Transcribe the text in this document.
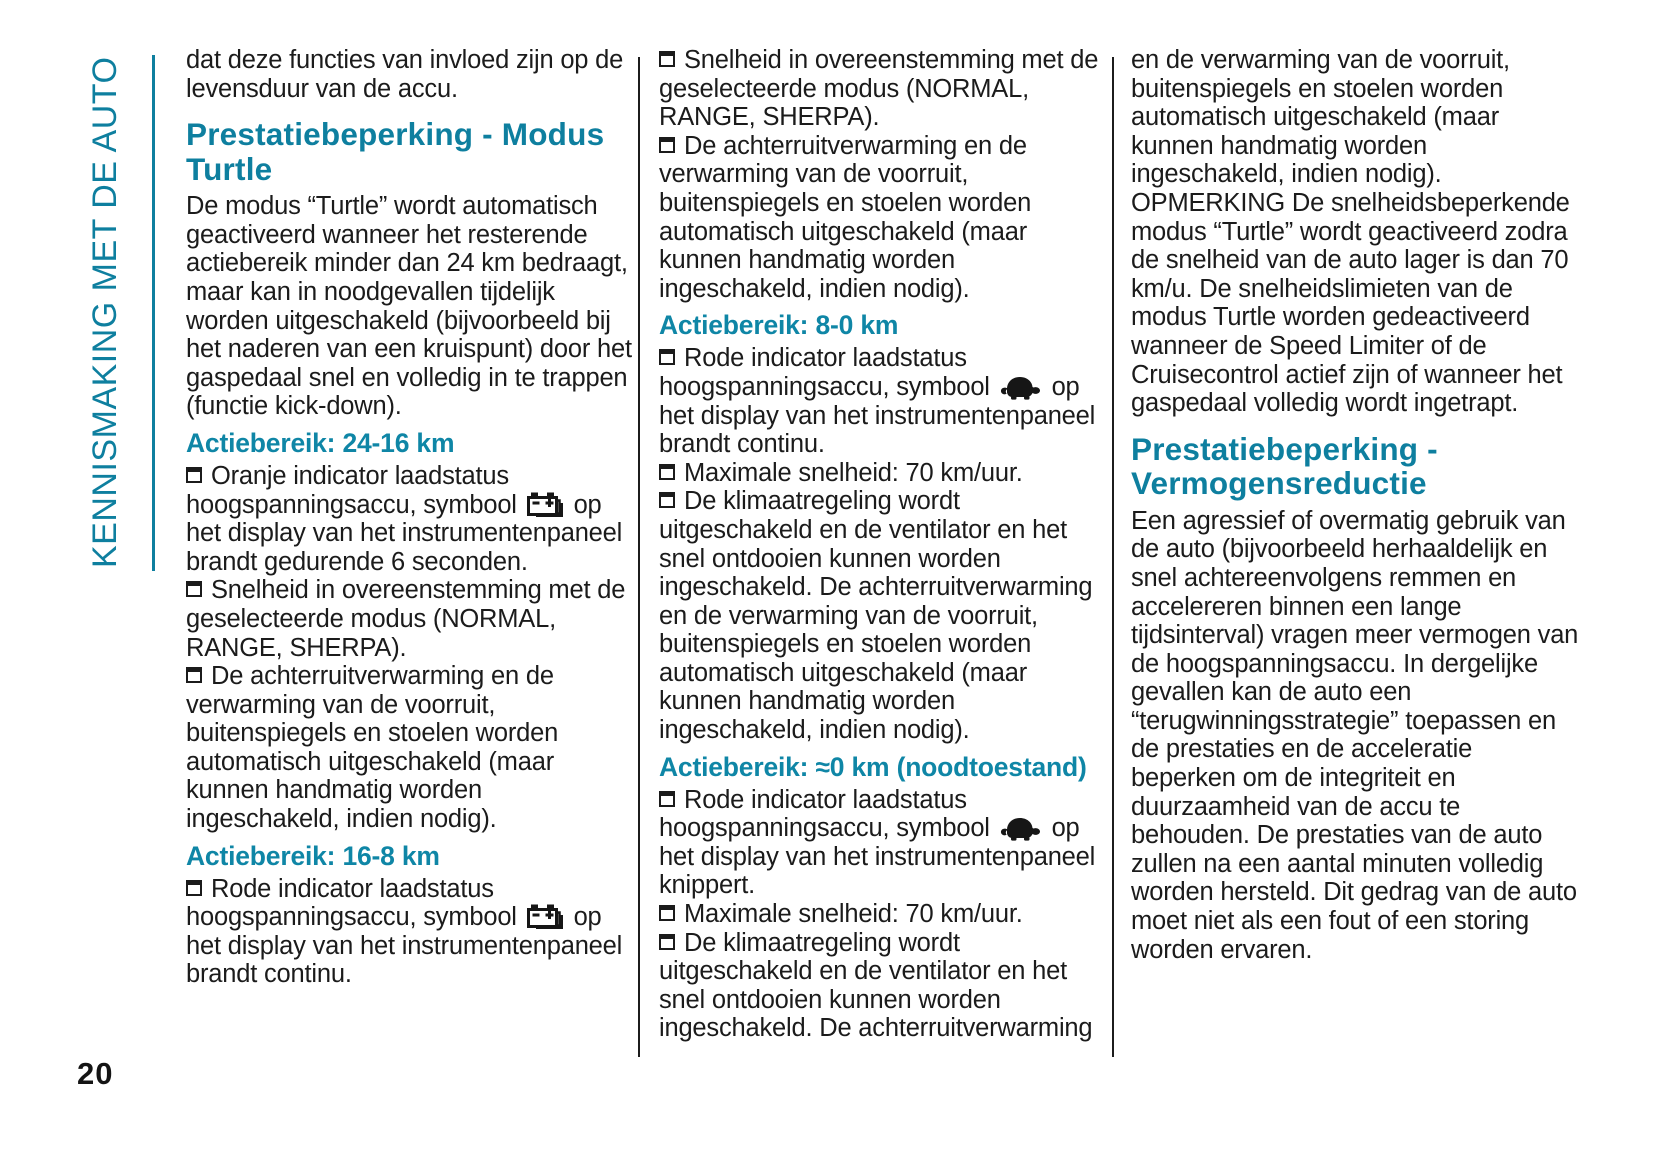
KENNISMAKING MET DE AUTO	dat deze functies van invloed zijn op de levensduur van de accu.

Prestatiebeperking - Modus Turtle

De modus “Turtle” wordt automatisch geactiveerd wanneer het resterende actiebereik minder dan 24 km bedraagt, maar kan in noodgevallen tijdelijk worden uitgeschakeld (bijvoorbeeld bij het naderen van een kruispunt) door het gaspedaal snel en volledig in te trappen (functie kick-down).

Actiebereik: 24-16 km

Oranje indicator laadstatus hoogspanningsaccu, symbool op het display van het instrumentenpaneel brandt gedurende 6 seconden.

Snelheid in overeenstemming met de geselecteerde modus (NORMAL, RANGE, SHERPA).

De achterruitverwarming en de verwarming van de voorruit, buitenspiegels en stoelen worden automatisch uitgeschakeld (maar kunnen handmatig worden ingeschakeld, indien nodig).

Actiebereik: 16-8 km

Rode indicator laadstatus hoogspanningsaccu, symbool op het display van het instrumentenpaneel brandt continu.

Snelheid in overeenstemming met de geselecteerde modus (NORMAL, RANGE, SHERPA).

De achterruitverwarming en de verwarming van de voorruit, buitenspiegels en stoelen worden automatisch uitgeschakeld (maar kunnen handmatig worden ingeschakeld, indien nodig).

Actiebereik: 8-0 km

Rode indicator laadstatus hoogspanningsaccu, symbool op het display van het instrumentenpaneel brandt continu.

Maximale snelheid: 70 km/uur.

De klimaatregeling wordt uitgeschakeld en de ventilator en het snel ontdooien kunnen worden ingeschakeld. De achterruitverwarming en de verwarming van de voorruit, buitenspiegels en stoelen worden automatisch uitgeschakeld (maar kunnen handmatig worden ingeschakeld, indien nodig).

Actiebereik: ≈0 km (noodtoestand)

Rode indicator laadstatus hoogspanningsaccu, symbool op het display van het instrumentenpaneel knippert.

Maximale snelheid: 70 km/uur.

De klimaatregeling wordt uitgeschakeld en de ventilator en het snel ontdooien kunnen worden ingeschakeld. De achterruitverwarming

en de verwarming van de voorruit, buitenspiegels en stoelen worden automatisch uitgeschakeld (maar kunnen handmatig worden ingeschakeld, indien nodig).

OPMERKING De snelheidsbeperkende modus “Turtle” wordt geactiveerd zodra de snelheid van de auto lager is dan 70 km/u. De snelheidslimieten van de modus Turtle worden gedeactiveerd wanneer de Speed Limiter of de Cruisecontrol actief zijn of wanneer het gaspedaal volledig wordt ingetrapt.

Prestatiebeperking - Vermogensreductie

Een agressief of overmatig gebruik van de auto (bijvoorbeeld herhaaldelijk en snel achtereenvolgens remmen en accelereren binnen een lange tijdsinterval) vragen meer vermogen van de hoogspanningsaccu. In dergelijke gevallen kan de auto een “terugwinningsstrategie” toepassen en de prestaties en de acceleratie beperken om de integriteit en duurzaamheid van de accu te behouden. De prestaties van de auto zullen na een aantal minuten volledig worden hersteld. Dit gedrag van de auto moet niet als een fout of een storing worden ervaren.

20
